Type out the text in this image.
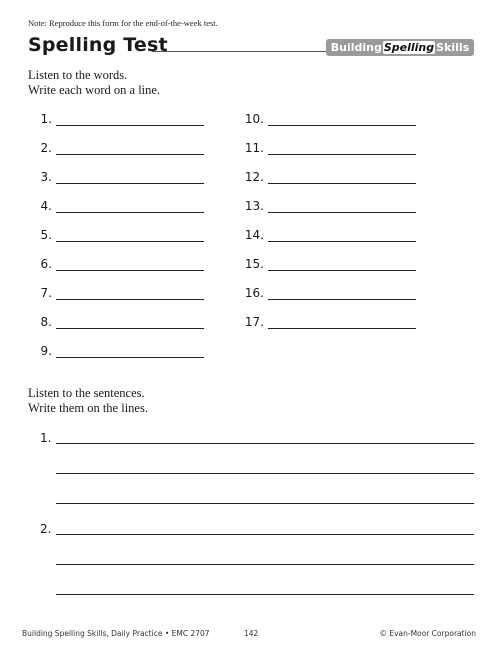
Note: Reproduce this form for the end-of-the-week test.
Spelling Test	Building Spelling Skills
Listen to the words.
Write each word on a line.
1.
2.
3.
4.
5.
6.
7.
8.
9.
10.
11.
12.
13.
14.
15.
16.
17.
Listen to the sentences.
Write them on the lines.
1.
2.
Building Spelling Skills, Daily Practice • EMC 2707	142	© Evan-Moor Corporation
